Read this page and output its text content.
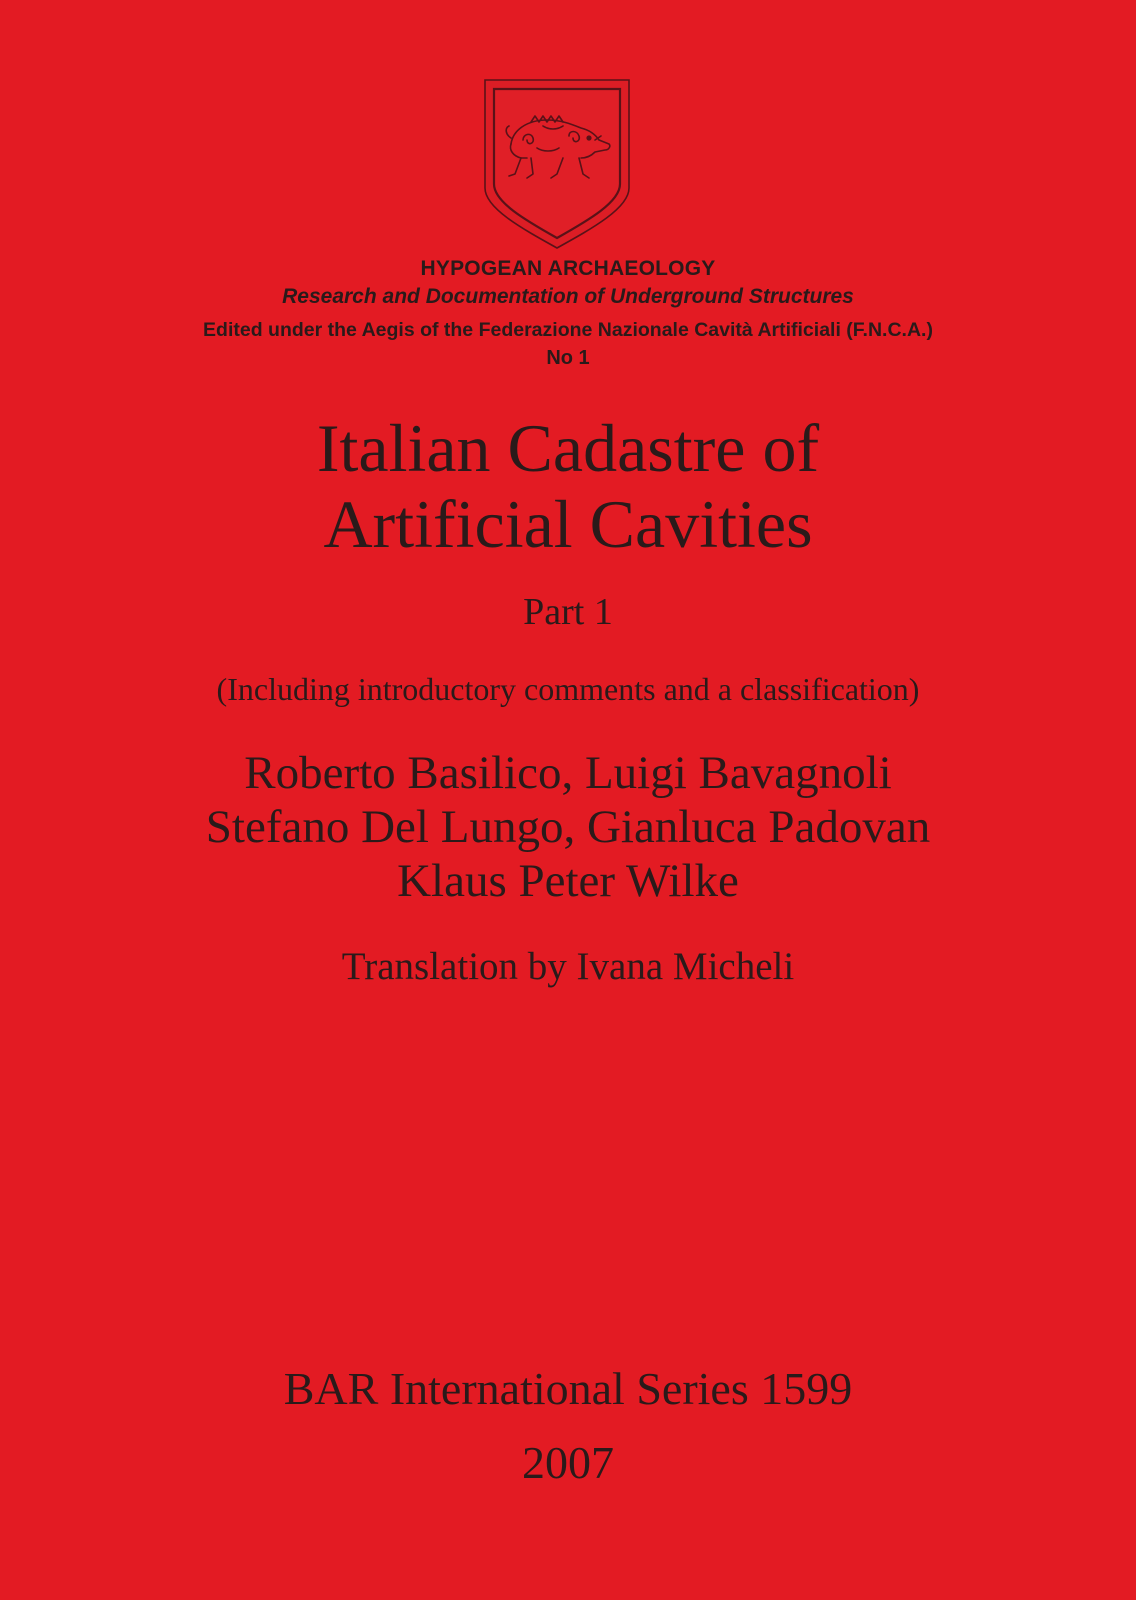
HYPOGEAN ARCHAEOLOGY
Research and Documentation of Underground Structures
Edited under the Aegis of the Federazione Nazionale Cavità Artificiali (F.N.C.A.)
No 1
Italian Cadastre of
Artificial Cavities
Part 1
(Including introductory comments and a classification)
Roberto Basilico, Luigi Bavagnoli
Stefano Del Lungo, Gianluca Padovan
Klaus Peter Wilke
Translation by Ivana Micheli
BAR International Series 1599
2007
